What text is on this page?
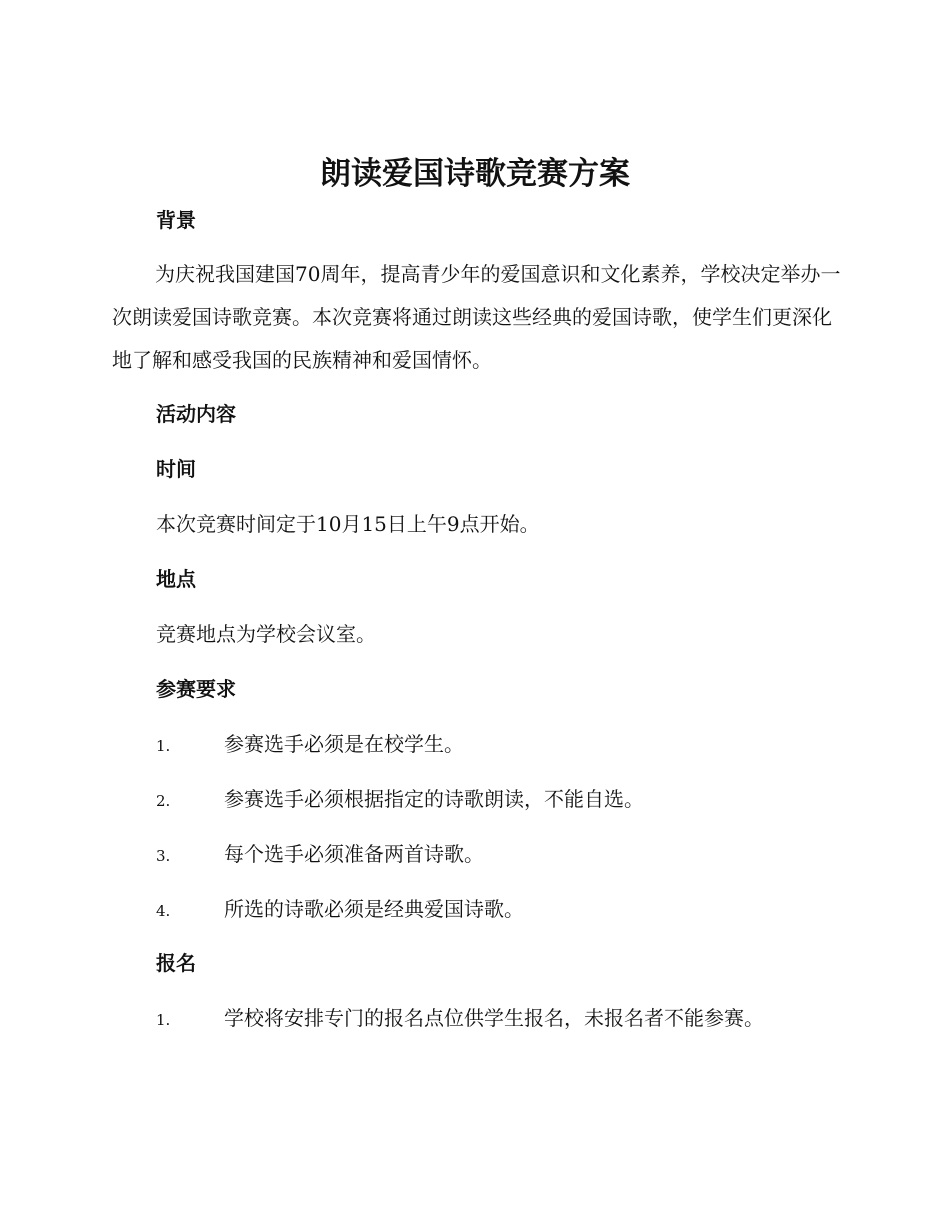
朗读爱国诗歌竞赛方案
背景

为庆祝我国建国70周年，提高青少年的爱国意识和文化素养，学校决定举办一次朗读爱国诗歌竞赛。本次竞赛将通过朗读这些经典的爱国诗歌，使学生们更深化地了解和感受我国的民族精神和爱国情怀。

活动内容
时间

本次竞赛时间定于10月15日上午9点开始。

地点

竞赛地点为学校会议室。

参赛要求
1.	参赛选手必须是在校学生。
2.	参赛选手必须根据指定的诗歌朗读，不能自选。
3.	每个选手必须准备两首诗歌。
4.	所选的诗歌必须是经典爱国诗歌。
报名
1.	学校将安排专门的报名点位供学生报名，未报名者不能参赛。
